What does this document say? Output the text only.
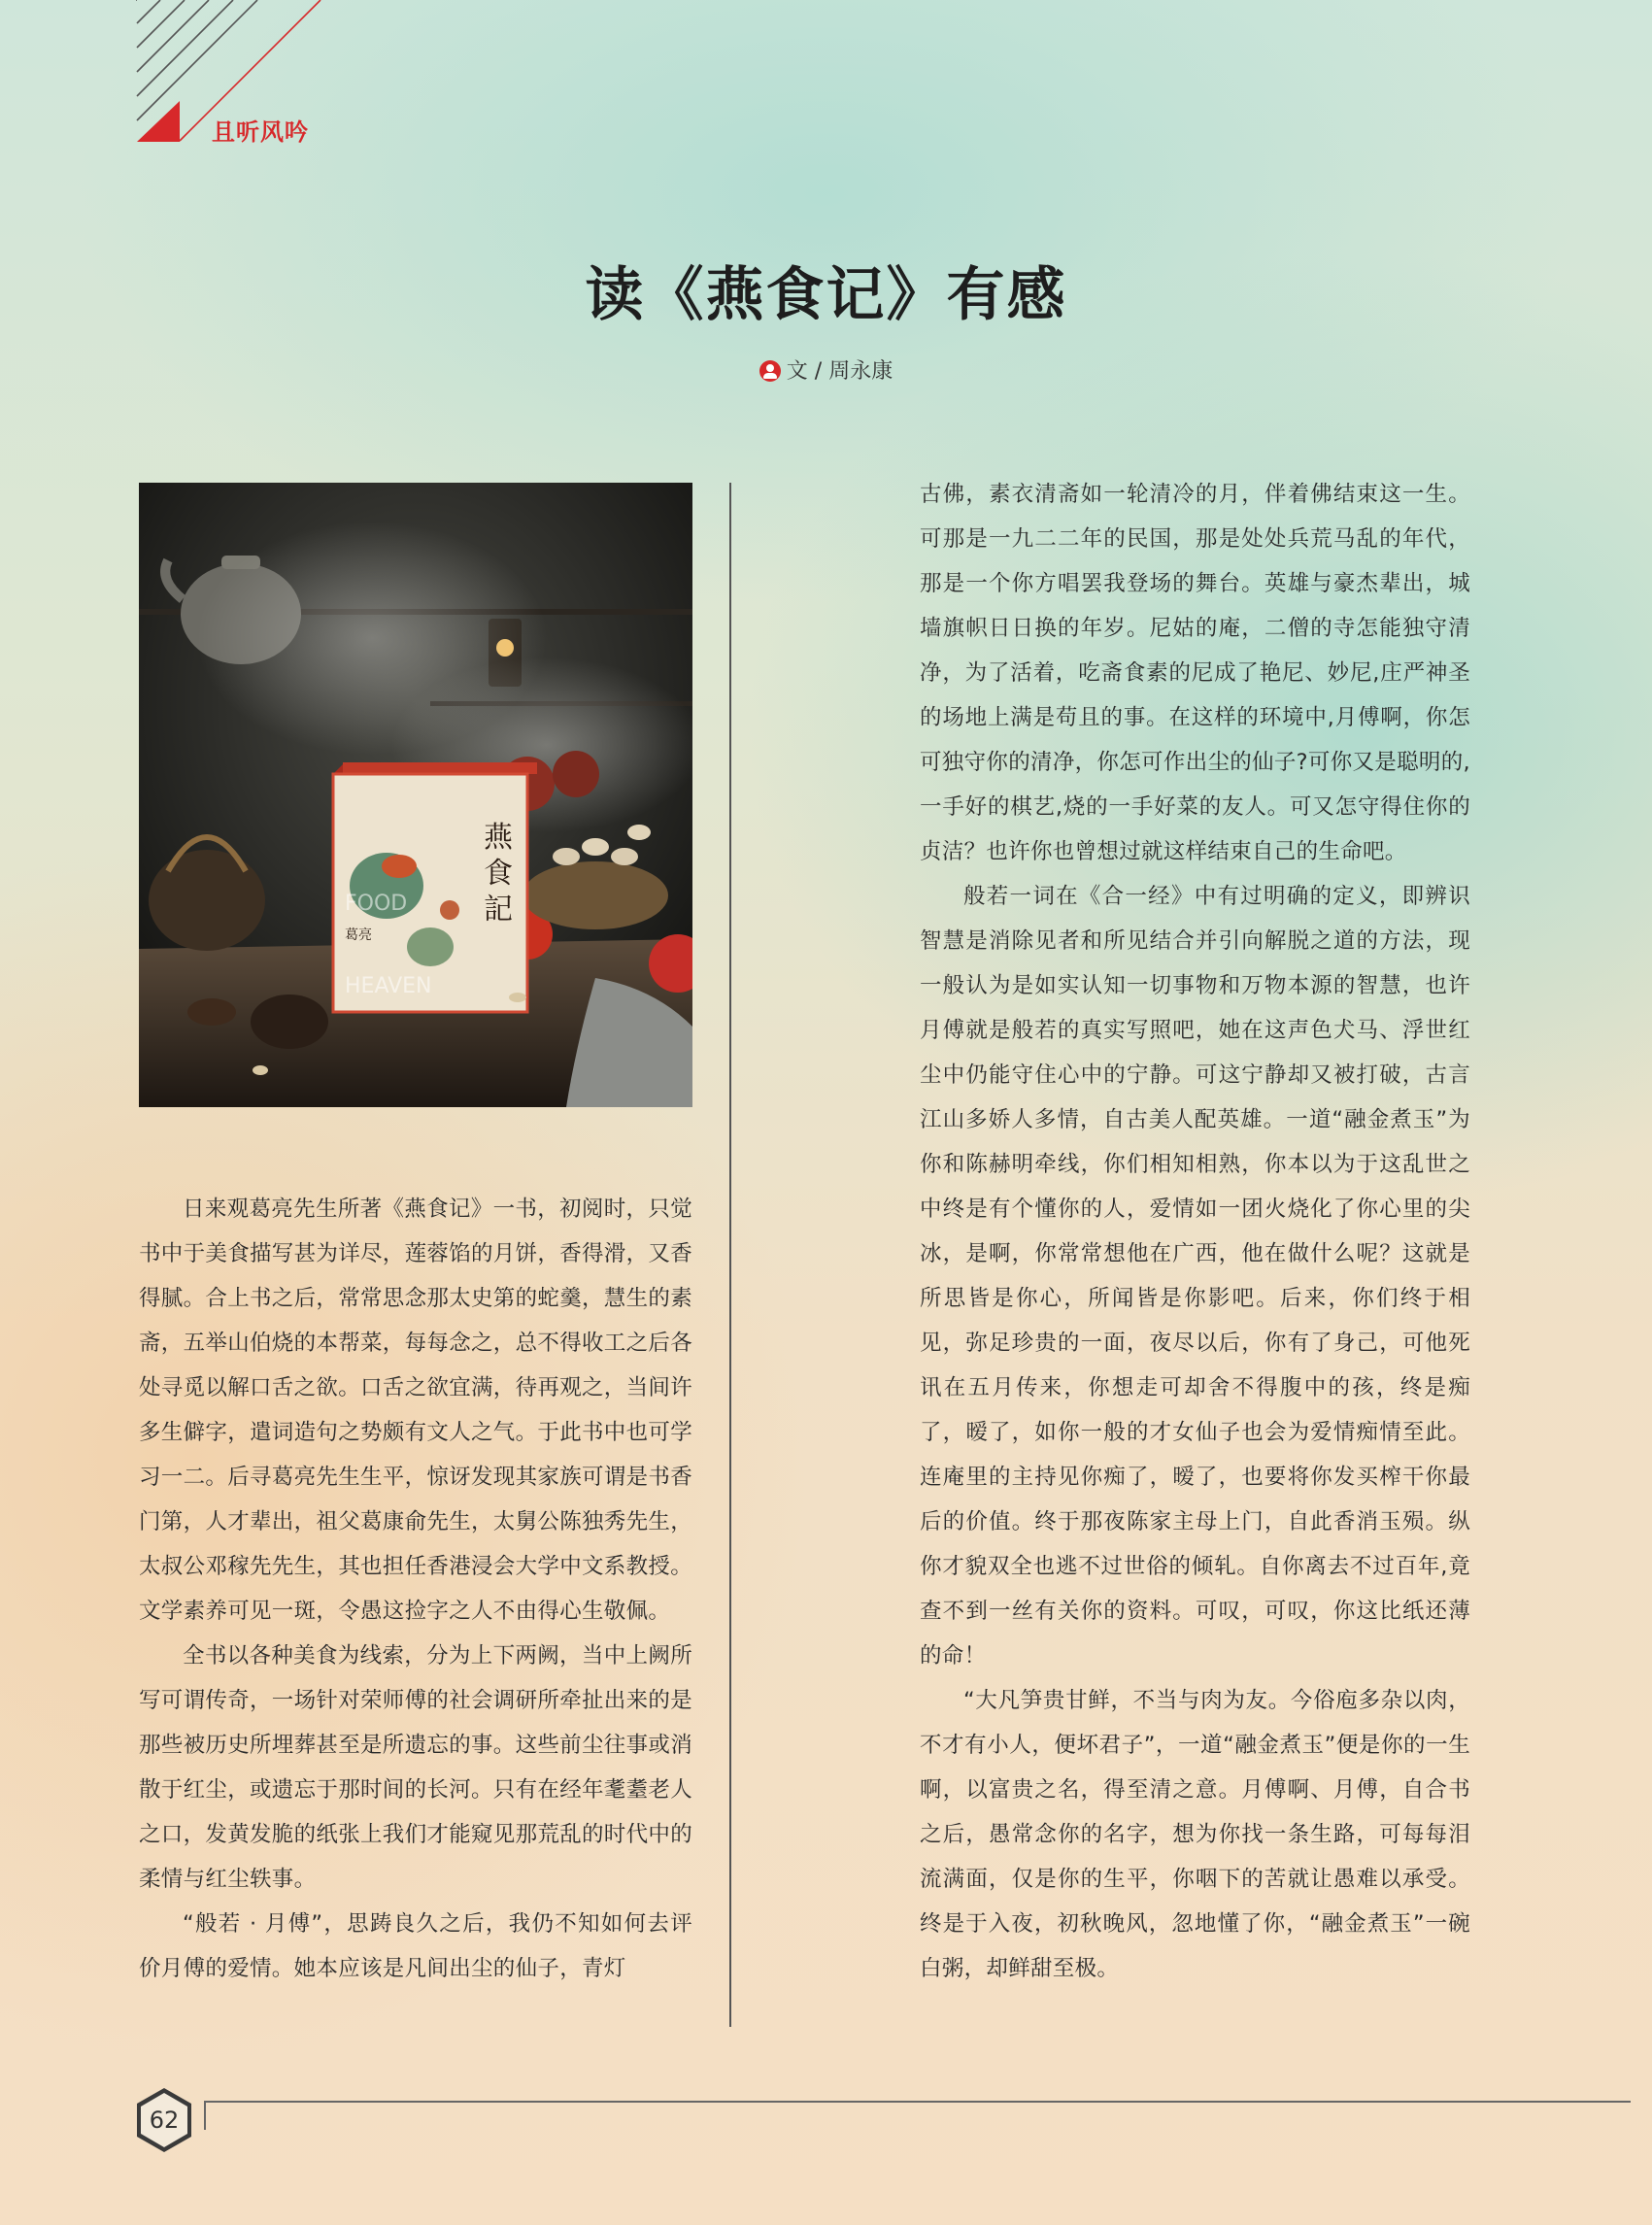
且听风吟
读《燕食记》有感
文 / 周永康
燕
食
記
FOOD
HEAVEN
葛亮

日来观葛亮先生所著《燕食记》一书，初阅时，只觉书中于美食描写甚为详尽，莲蓉馅的月饼，香得滑，又香得腻。合上书之后，常常思念那太史第的蛇羹，慧生的素斋，五举山伯烧的本帮菜，每每念之，总不得收工之后各处寻觅以解口舌之欲。口舌之欲宜满，待再观之，当间许多生僻字，遣词造句之势颇有文人之气。于此书中也可学习一二。后寻葛亮先生生平，惊讶发现其家族可谓是书香门第，人才辈出，祖父葛康俞先生，太舅公陈独秀先生，太叔公邓稼先先生，其也担任香港浸会大学中文系教授。文学素养可见一斑，令愚这捡字之人不由得心生敬佩。

全书以各种美食为线索，分为上下两阙，当中上阙所写可谓传奇，一场针对荣师傅的社会调研所牵扯出来的是那些被历史所埋葬甚至是所遗忘的事。这些前尘往事或消散于红尘，或遗忘于那时间的长河。只有在经年耄耋老人之口，发黄发脆的纸张上我们才能窥见那荒乱的时代中的柔情与红尘轶事。

“般若 · 月傅”，思踌良久之后，我仍不知如何去评价月傅的爱情。她本应该是凡间出尘的仙子，青灯

古佛，素衣清斋如一轮清冷的月，伴着佛结束这一生。可那是一九二二年的民国，那是处处兵荒马乱的年代，那是一个你方唱罢我登场的舞台。英雄与豪杰辈出，城墙旗帜日日换的年岁。尼姑的庵，二僧的寺怎能独守清净，为了活着，吃斋食素的尼成了艳尼、妙尼,庄严神圣的场地上满是苟且的事。在这样的环境中,月傅啊，你怎可独守你的清净，你怎可作出尘的仙子?可你又是聪明的,一手好的棋艺,烧的一手好菜的友人。可又怎守得住你的贞洁？也许你也曾想过就这样结束自己的生命吧。

般若一词在《合一经》中有过明确的定义，即辨识智慧是消除见者和所见结合并引向解脱之道的方法，现一般认为是如实认知一切事物和万物本源的智慧，也许月傅就是般若的真实写照吧，她在这声色犬马、浮世红尘中仍能守住心中的宁静。可这宁静却又被打破，古言江山多娇人多情，自古美人配英雄。一道“融金煮玉”为你和陈赫明牵线，你们相知相熟，你本以为于这乱世之中终是有个懂你的人，爱情如一团火烧化了你心里的尖冰，是啊，你常常想他在广西，他在做什么呢？这就是所思皆是你心，所闻皆是你影吧。后来，你们终于相见，弥足珍贵的一面，夜尽以后，你有了身己，可他死讯在五月传来，你想走可却舍不得腹中的孩，终是痴了，暧了，如你一般的才女仙子也会为爱情痴情至此。连庵里的主持见你痴了，暧了，也要将你发买榨干你最后的价值。终于那夜陈家主母上门，自此香消玉殒。纵你才貌双全也逃不过世俗的倾轧。自你离去不过百年,竟查不到一丝有关你的资料。可叹，可叹，你这比纸还薄的命！

“大凡笋贵甘鲜，不当与肉为友。今俗庖多杂以肉，不才有小人，便坏君子”，一道“融金煮玉”便是你的一生啊，以富贵之名，得至清之意。月傅啊、月傅，自合书之后，愚常念你的名字，想为你找一条生路，可每每泪流满面，仅是你的生平，你咽下的苦就让愚难以承受。终是于入夜，初秋晚风，忽地懂了你，“融金煮玉”一碗白粥，却鲜甜至极。

62
